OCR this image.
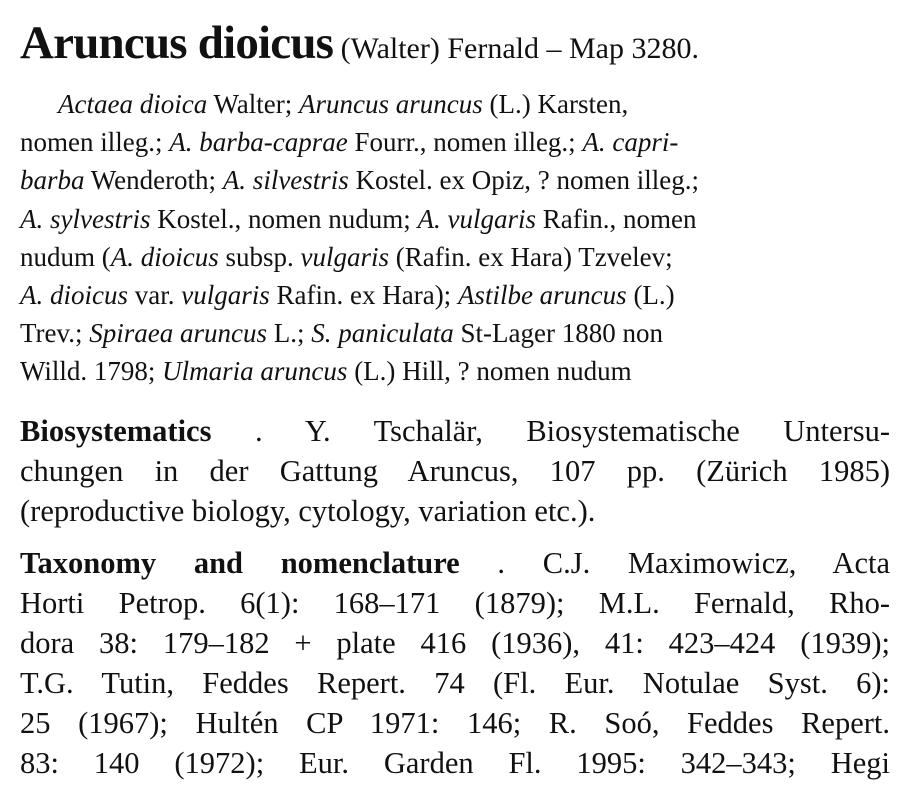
Aruncus dioicus (Walter) Fernald – Map 3280.
Actaea dioica Walter; Aruncus aruncus (L.) Karsten,
nomen illeg.; A. barba-caprae Fourr., nomen illeg.; A. capri-
barba Wenderoth; A. silvestris Kostel. ex Opiz, ? nomen illeg.;
A. sylvestris Kostel., nomen nudum; A. vulgaris Rafin., nomen
nudum (A. dioicus subsp. vulgaris (Rafin. ex Hara) Tzvelev;
A. dioicus var. vulgaris Rafin. ex Hara); Astilbe aruncus (L.)
Trev.; Spiraea aruncus L.; S. paniculata St-Lager 1880 non
Willd. 1798; Ulmaria aruncus (L.) Hill, ? nomen nudum
Biosystematics . Y. Tschalär, Biosystematische Untersu-
chungen in der Gattung Aruncus, 107 pp. (Zürich 1985)
(reproductive biology, cytology, variation etc.).
Taxonomy and nomenclature . C.J. Maximowicz, Acta
Horti Petrop. 6(1): 168–171 (1879); M.L. Fernald, Rho-
dora 38: 179–182 + plate 416 (1936), 41: 423–424 (1939);
T.G. Tutin, Feddes Repert. 74 (Fl. Eur. Notulae Syst. 6):
25 (1967); Hultén CP 1971: 146; R. Soó, Feddes Repert.
83: 140 (1972); Eur. Garden Fl. 1995: 342–343; Hegi
